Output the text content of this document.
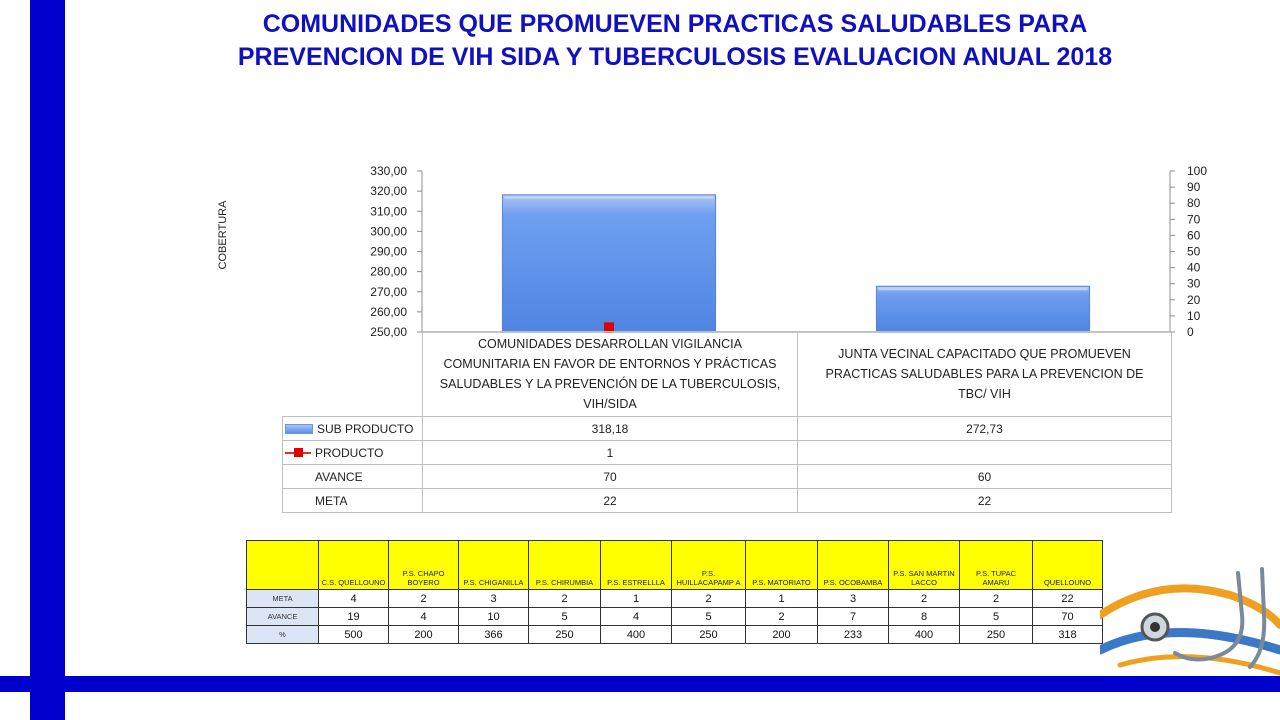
COMUNIDADES QUE PROMUEVEN PRACTICAS SALUDABLES PARA
PREVENCION DE VIH SIDA Y TUBERCULOSIS EVALUACION ANUAL 2018
COBERTURA
330,00
320,00
310,00
300,00
290,00
280,00
270,00
260,00
250,00
100
90
80
70
60
50
40
30
20
10
0
	COMUNIDADES DESARROLLAN VIGILANCIA COMUNITARIA EN FAVOR DE ENTORNOS Y PRÁCTICAS SALUDABLES Y LA PREVENCIÓN DE LA TUBERCULOSIS, VIH/SIDA	JUNTA VECINAL CAPACITADO QUE PROMUEVEN PRACTICAS SALUDABLES PARA LA PREVENCION DE TBC/ VIH
SUB PRODUCTO	318,18	272,73
PRODUCTO	1	
AVANCE	70	60
META	22	22
	C.S. QUELLOUNO	P.S. CHAPO BOYERO	P.S. CHIGANILLA	P.S. CHIRUMBIA	P.S. ESTRELLLA	P.S. HUILLACAPAMP A	P.S. MATORIATO	P.S. OCOBAMBA	P.S. SAN MARTIN LACCO	P.S. TUPAC AMARU	QUELLOUNO
META	4	2	3	2	1	2	1	3	2	2	22
AVANCE	19	4	10	5	4	5	2	7	8	5	70
%	500	200	366	250	400	250	200	233	400	250	318
